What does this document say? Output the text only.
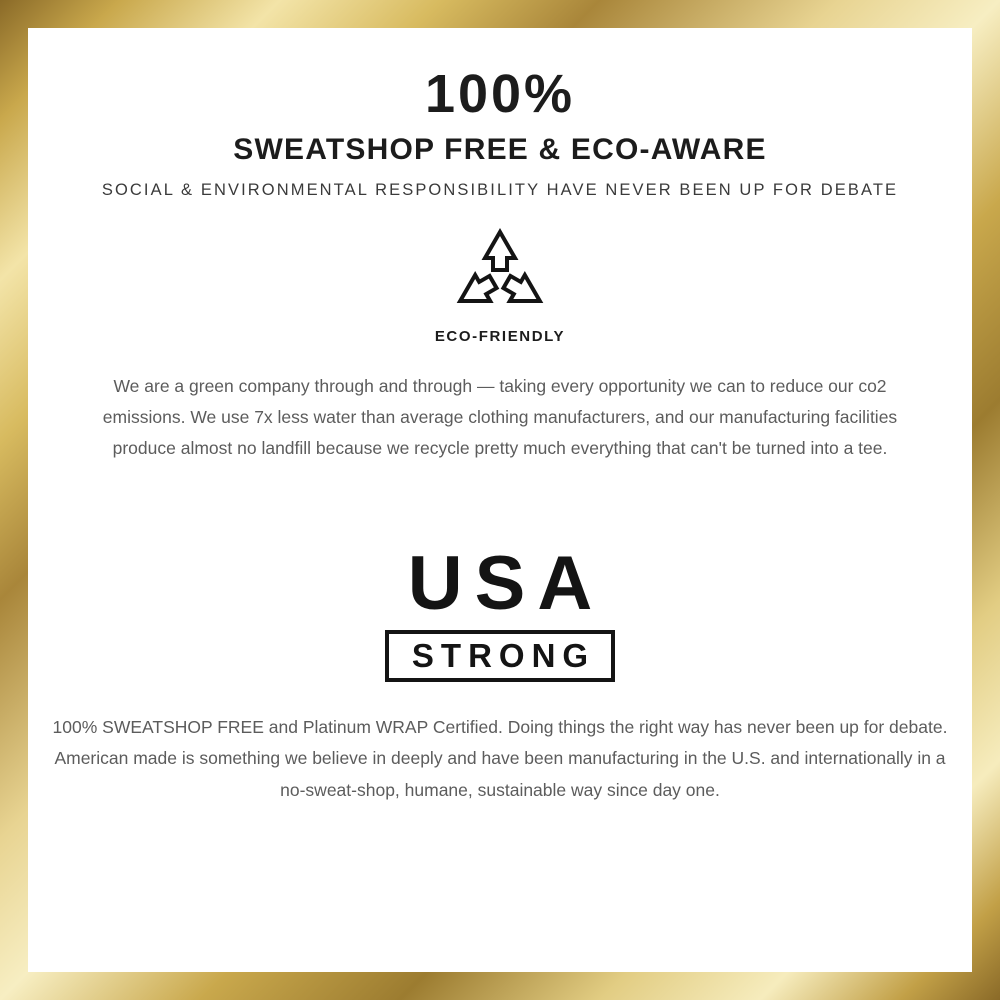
100%
SWEATSHOP FREE & ECO-AWARE
SOCIAL & ENVIRONMENTAL RESPONSIBILITY HAVE NEVER BEEN UP FOR DEBATE
ECO-FRIENDLY
We are a green company through and through — taking every opportunity we can to reduce our co2 emissions. We use 7x less water than average clothing manufacturers, and our manufacturing facilities produce almost no landfill because we recycle pretty much everything that can't be turned into a tee.
USA
STRONG
100% SWEATSHOP FREE and Platinum WRAP Certified. Doing things the right way has never been up for debate. American made is something we believe in deeply and have been manufacturing in the U.S. and internationally in a no-sweat-shop, humane, sustainable way since day one.
